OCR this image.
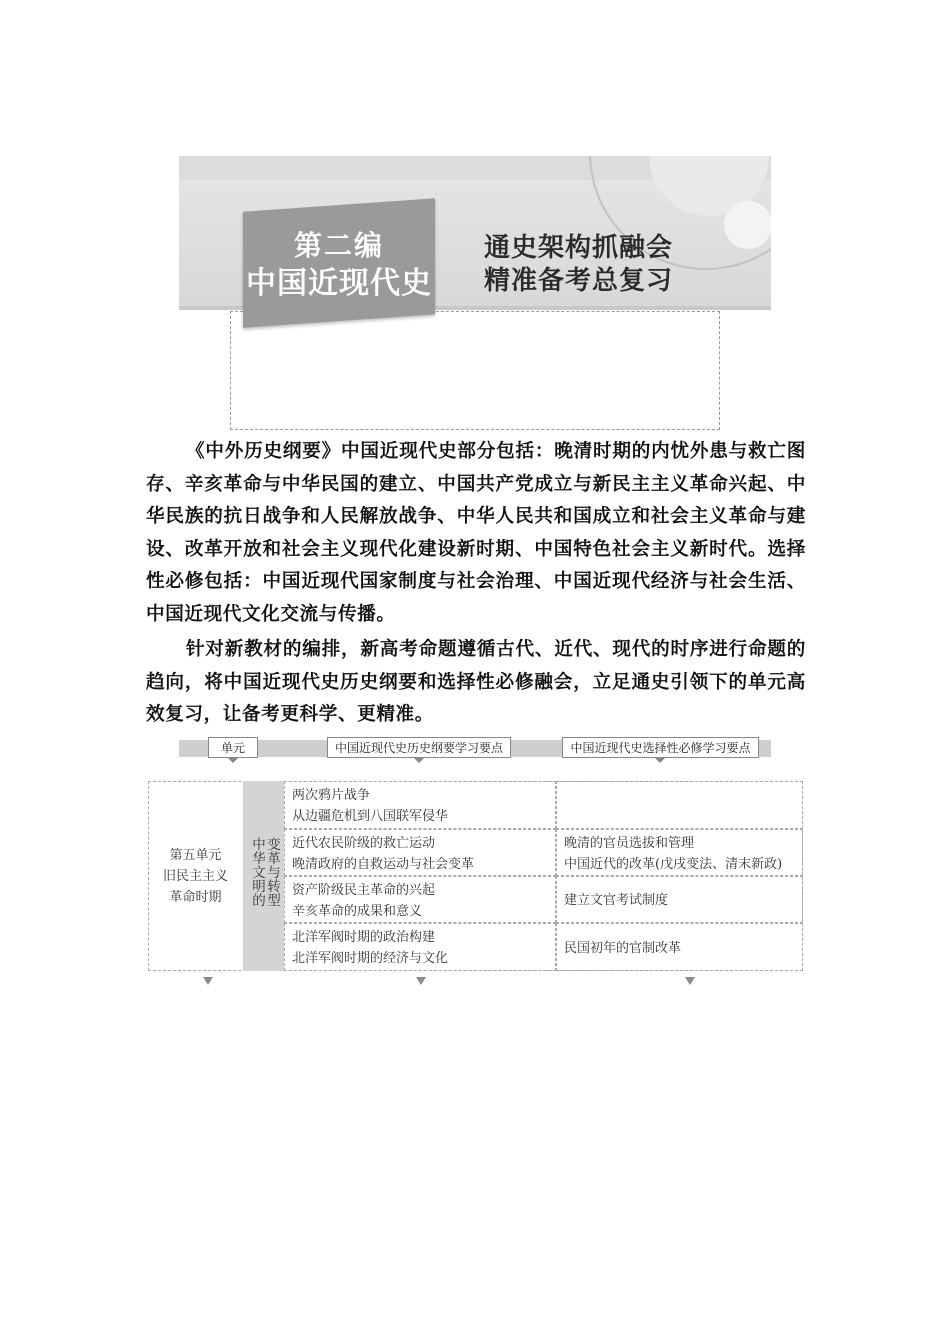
第二编
中国近现代史
通史架构抓融会
精准备考总复习

《中外历史纲要》中国近现代史部分包括：晚清时期的内忧外患与救亡图存、辛亥革命与中华民国的建立、中国共产党成立与新民主主义革命兴起、中华民族的抗日战争和人民解放战争、中华人民共和国成立和社会主义革命与建设、改革开放和社会主义现代化建设新时期、中国特色社会主义新时代。选择性必修包括：中国近现代国家制度与社会治理、中国近现代经济与社会生活、中国近现代文化交流与传播。

针对新教材的编排，新高考命题遵循古代、近代、现代的时序进行命题的趋向，将中国近现代史历史纲要和选择性必修融会，立足通史引领下的单元高效复习，让备考更科学、更精准。

单元	中国近现代史历史纲要学习要点	中国近现代史选择性必修学习要点
第五单元
旧民主主义
革命时期
变革与转型
中华文明的
两次鸦片战争
从边疆危机到八国联军侵华
近代农民阶级的救亡运动
晚清政府的自救运动与社会变革
晚清的官员选拔和管理
中国近代的改革(戊戌变法、清末新政)
资产阶级民主革命的兴起
辛亥革命的成果和意义
建立文官考试制度
北洋军阀时期的政治构建
北洋军阀时期的经济与文化
民国初年的官制改革
